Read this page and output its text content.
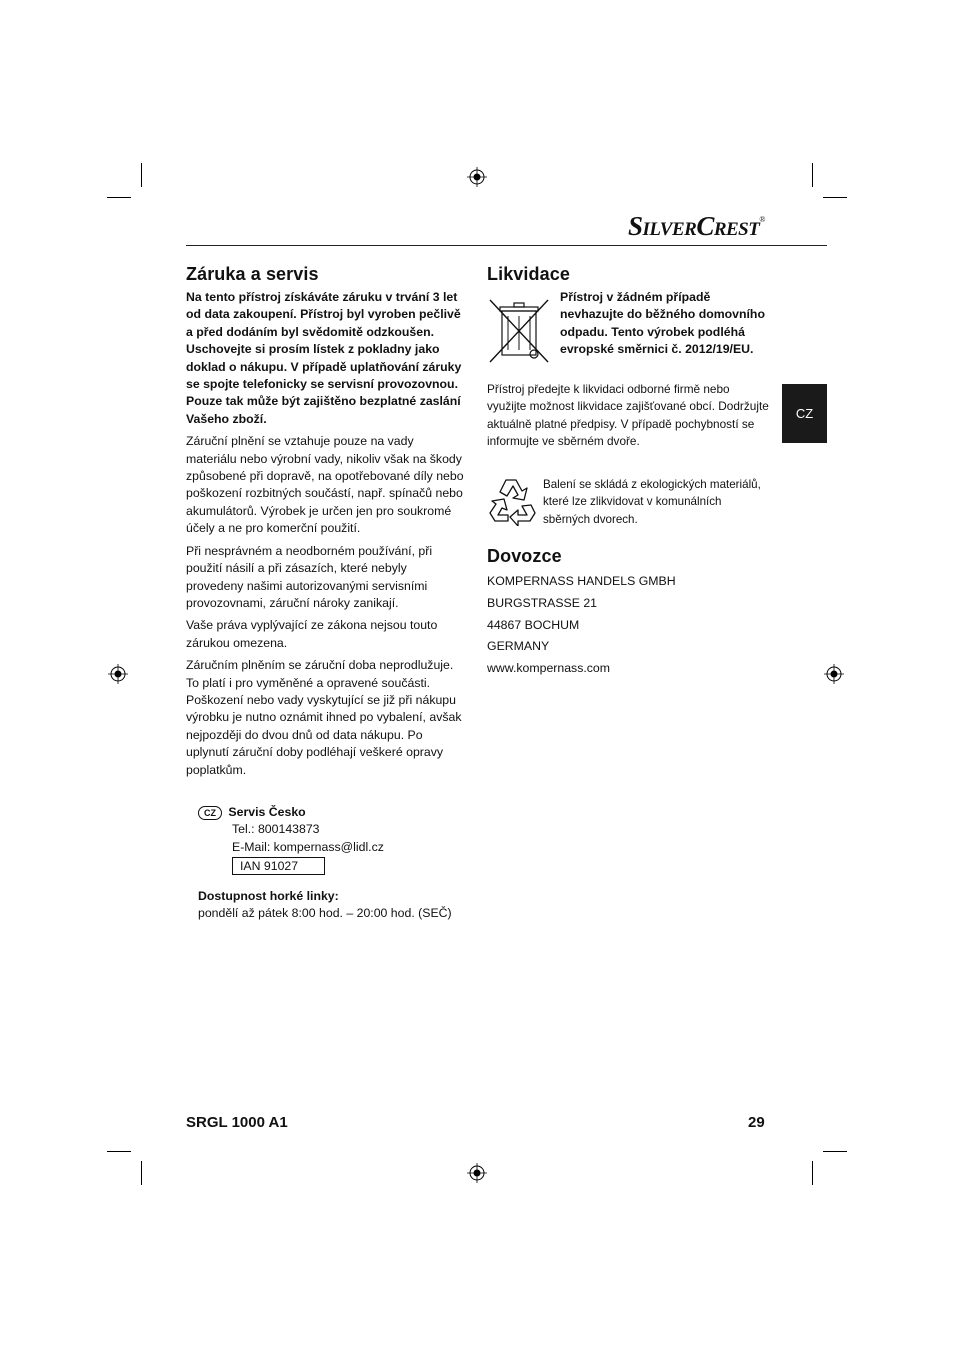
SilverCrest®
CZ
Záruka a servis

Na tento přístroj získáváte záruku v trvání 3 let od data zakoupení. Přístroj byl vyroben pečlivě a před dodáním byl svědomitě odzkoušen. Uschovejte si prosím lístek z pokladny jako doklad o nákupu. V případě uplatňování záruky se spojte telefonicky se servisní provozovnou. Pouze tak může být zajištěno bezplatné zaslání Vašeho zboží.

Záruční plnění se vztahuje pouze na vady materiálu nebo výrobní vady, nikoliv však na škody způsobené při dopravě, na opotřebované díly nebo poškození rozbitných součástí, např. spínačů nebo akumulátorů. Výrobek je určen jen pro soukromé účely a ne pro komerční použití.

Při nesprávném a neodborném používání, při použití násilí a při zásazích, které nebyly provedeny našimi autorizovanými servisními provozovnami, záruční nároky zanikají.

Vaše práva vyplývající ze zákona nejsou touto zárukou omezena.

Záručním plněním se záruční doba neprodlužuje. To platí i pro vyměněné a opravené součásti. Poškození nebo vady vyskytující se již při nákupu výrobku je nutno oznámit ihned po vybalení, avšak nejpozději do dvou dnů od data nákupu. Po uplynutí záruční doby podléhají veškeré opravy poplatkům.

CZ Servis Česko
Tel.: 800143873
E-Mail: kompernass@lidl.cz
IAN 91027
Dostupnost horké linky:
pondělí až pátek 8:00 hod. – 20:00 hod. (SEČ)
Likvidace
Přístroj v žádném případě nevhazujte do běžného domovního odpadu. Tento výrobek podléhá evropské směrnici č. 2012/19/EU.
Přístroj předejte k likvidaci odborné firmě nebo využijte možnost likvidace zajišťované obcí. Dodržujte aktuálně platné předpisy. V případě pochybností se informujte ve sběrném dvoře.
Balení se skládá z ekologických materiálů, které lze zlikvidovat v komunálních sběrných dvorech.
Dovozce
KOMPERNASS HANDELS GMBH
BURGSTRASSE 21
44867 BOCHUM
GERMANY
www.kompernass.com
SRGL 1000 A1	29
